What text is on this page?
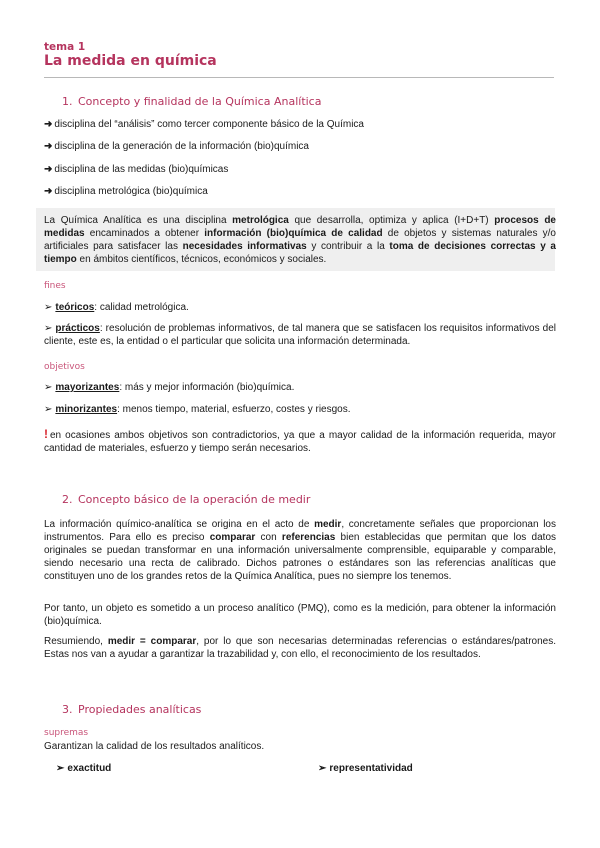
tema 1
La medida en química
1. Concepto y finalidad de la Química Analítica
➜ disciplina del “análisis” como tercer componente básico de la Química
➜ disciplina de la generación de la información (bio)química
➜ disciplina de las medidas (bio)químicas
➜ disciplina metrológica (bio)química
La Química Analítica es una disciplina metrológica que desarrolla, optimiza y aplica (I+D+T) procesos de medidas encaminados a obtener información (bio)química de calidad de objetos y sistemas naturales y/o artificiales para satisfacer las necesidades informativas y contribuir a la toma de decisiones correctas y a tiempo en ámbitos científicos, técnicos, económicos y sociales.
fines
➢ teóricos: calidad metrológica.
➢ prácticos: resolución de problemas informativos, de tal manera que se satisfacen los requisitos informativos del cliente, este es, la entidad o el particular que solicita una información determinada.
objetivos
➢ mayorizantes: más y mejor información (bio)química.
➢ minorizantes: menos tiempo, material, esfuerzo, costes y riesgos.
! en ocasiones ambos objetivos son contradictorios, ya que a mayor calidad de la información requerida, mayor cantidad de materiales, esfuerzo y tiempo serán necesarios.
2. Concepto básico de la operación de medir
La información químico-analítica se origina en el acto de medir, concretamente señales que proporcionan los instrumentos. Para ello es preciso comparar con referencias bien establecidas que permitan que los datos originales se puedan transformar en una información universalmente comprensible, equiparable y comparable, siendo necesario una recta de calibrado. Dichos patrones o estándares son las referencias analíticas que constituyen uno de los grandes retos de la Química Analítica, pues no siempre los tenemos.
Por tanto, un objeto es sometido a un proceso analítico (PMQ), como es la medición, para obtener la información (bio)química.
Resumiendo, medir = comparar, por lo que son necesarias determinadas referencias o estándares/patrones. Estas nos van a ayudar a garantizar la trazabilidad y, con ello, el reconocimiento de los resultados.
3. Propiedades analíticas
supremas
Garantizan la calidad de los resultados analíticos.
➢ exactitud	➢ representatividad
